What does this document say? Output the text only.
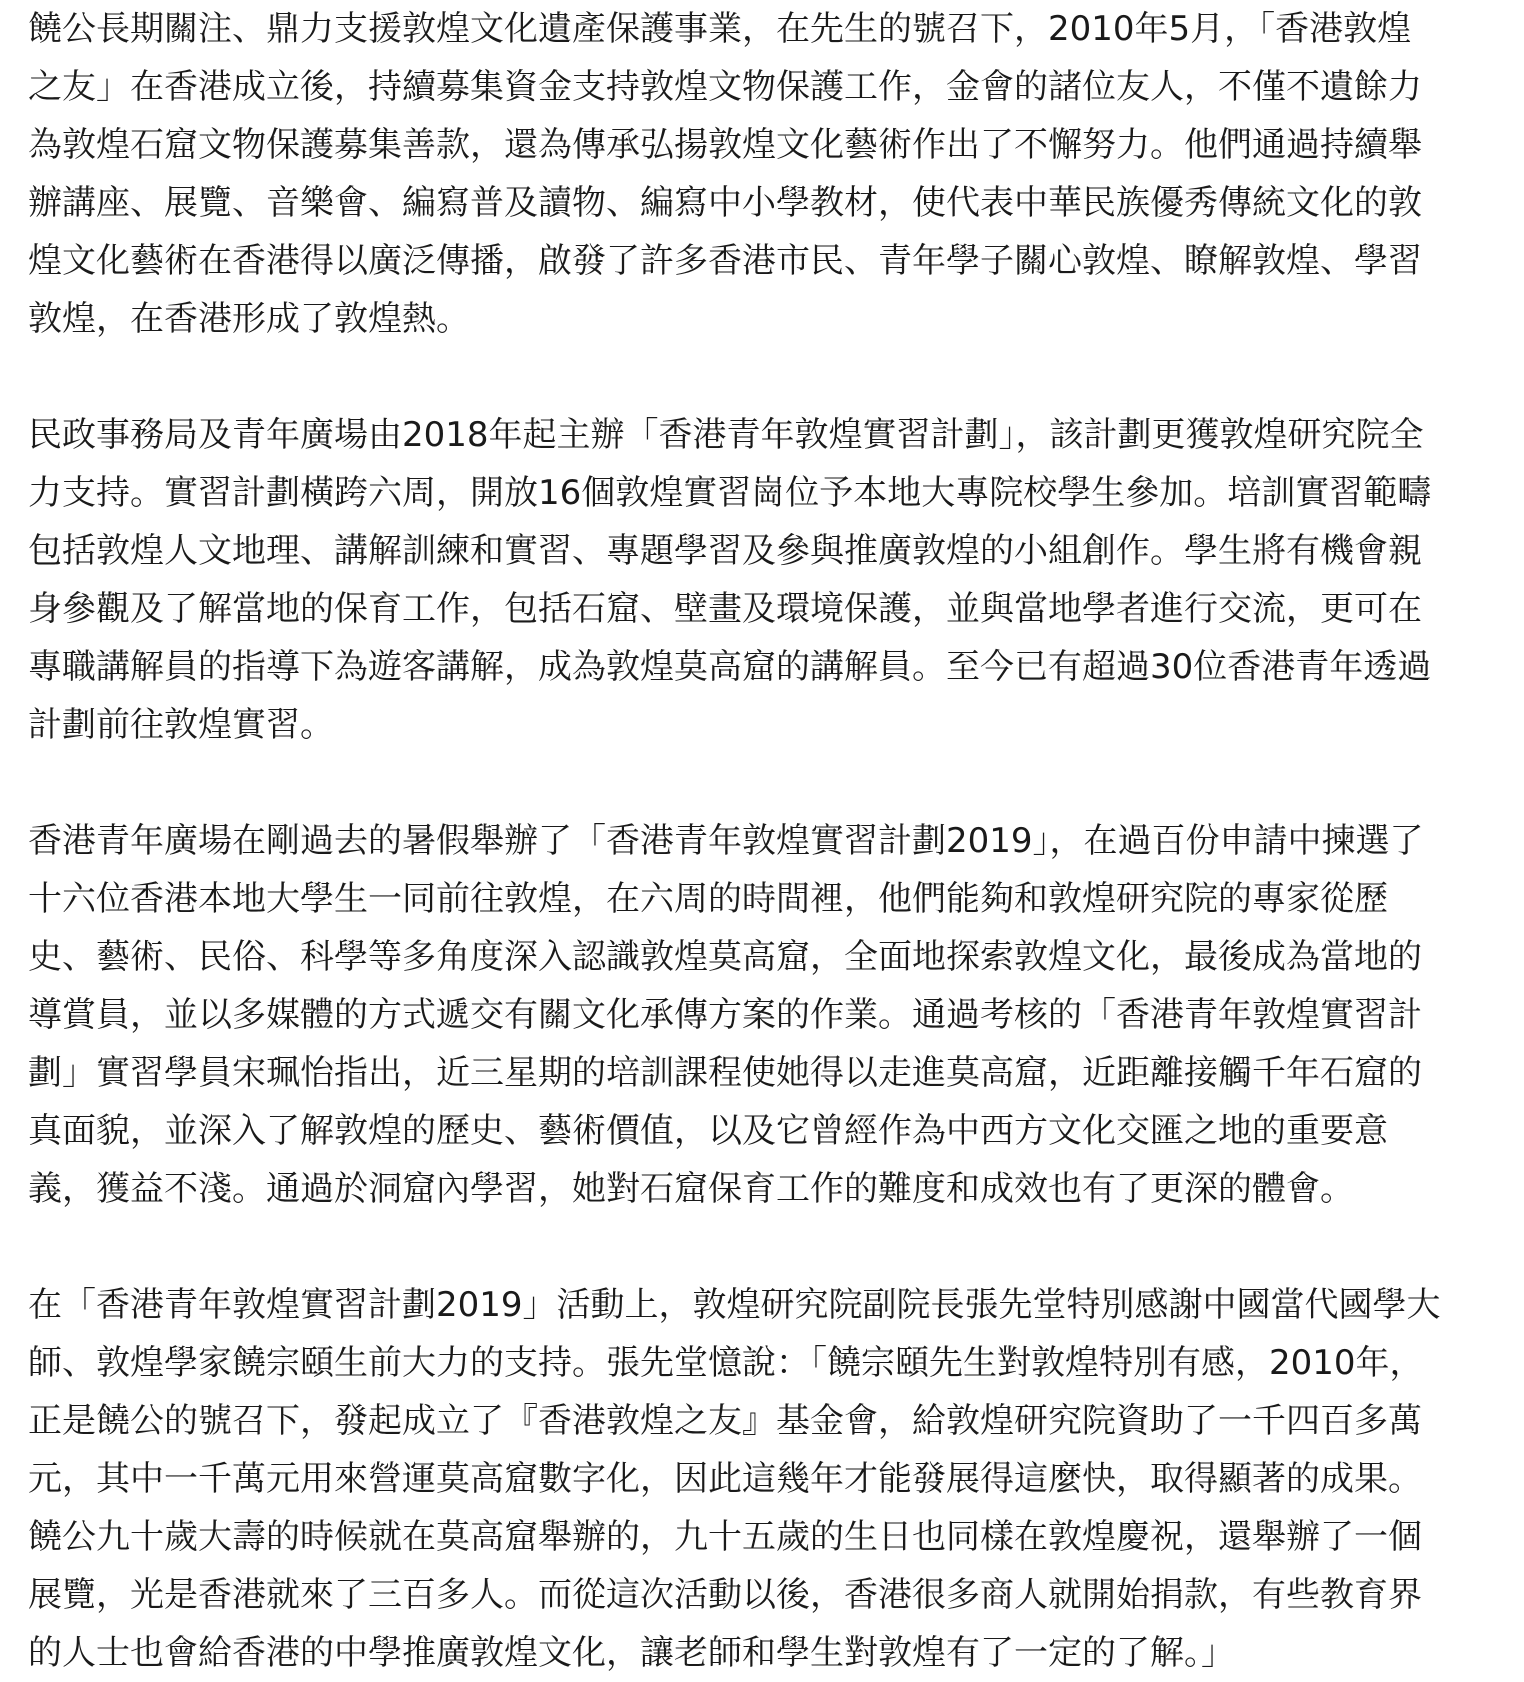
饒公長期關注、鼎力支援敦煌文化遺產保護事業，在先生的號召下，2010年5月，「香港敦煌
之友」在香港成立後，持續募集資金支持敦煌文物保護工作，金會的諸位友人，不僅不遺餘力
為敦煌石窟文物保護募集善款，還為傳承弘揚敦煌文化藝術作出了不懈努力。他們通過持續舉
辦講座、展覽、音樂會、編寫普及讀物、編寫中小學教材，使代表中華民族優秀傳統文化的敦
煌文化藝術在香港得以廣泛傳播，啟發了許多香港市民、青年學子關心敦煌、瞭解敦煌、學習
敦煌，在香港形成了敦煌熱。

民政事務局及青年廣場由2018年起主辦「香港青年敦煌實習計劃」，該計劃更獲敦煌研究院全
力支持。實習計劃橫跨六周，開放16個敦煌實習崗位予本地大專院校學生參加。培訓實習範疇
包括敦煌人文地理、講解訓練和實習、專題學習及參與推廣敦煌的小組創作。學生將有機會親
身參觀及了解當地的保育工作，包括石窟、壁畫及環境保護，並與當地學者進行交流，更可在
專職講解員的指導下為遊客講解，成為敦煌莫高窟的講解員。至今已有超過30位香港青年透過
計劃前往敦煌實習。

香港青年廣場在剛過去的暑假舉辦了「香港青年敦煌實習計劃2019」，在過百份申請中揀選了
十六位香港本地大學生一同前往敦煌，在六周的時間裡，他們能夠和敦煌研究院的專家從歷
史、藝術、民俗、科學等多角度深入認識敦煌莫高窟，全面地探索敦煌文化，最後成為當地的
導賞員，並以多媒體的方式遞交有關文化承傳方案的作業。通過考核的「香港青年敦煌實習計
劃」實習學員宋珮怡指出，近三星期的培訓課程使她得以走進莫高窟，近距離接觸千年石窟的
真面貌，並深入了解敦煌的歷史、藝術價值，以及它曾經作為中西方文化交匯之地的重要意
義，獲益不淺。通過於洞窟內學習，她對石窟保育工作的難度和成效也有了更深的體會。

在「香港青年敦煌實習計劃2019」活動上，敦煌研究院副院長張先堂特別感謝中國當代國學大
師、敦煌學家饒宗頤生前大力的支持。張先堂憶說：「饒宗頤先生對敦煌特別有感，2010年，
正是饒公的號召下，發起成立了『香港敦煌之友』基金會，給敦煌研究院資助了一千四百多萬
元，其中一千萬元用來營運莫高窟數字化，因此這幾年才能發展得這麼快，取得顯著的成果。
饒公九十歲大壽的時候就在莫高窟舉辦的，九十五歲的生日也同樣在敦煌慶祝，還舉辦了一個
展覽，光是香港就來了三百多人。而從這次活動以後，香港很多商人就開始捐款，有些教育界
的人士也會給香港的中學推廣敦煌文化，讓老師和學生對敦煌有了一定的了解。」
